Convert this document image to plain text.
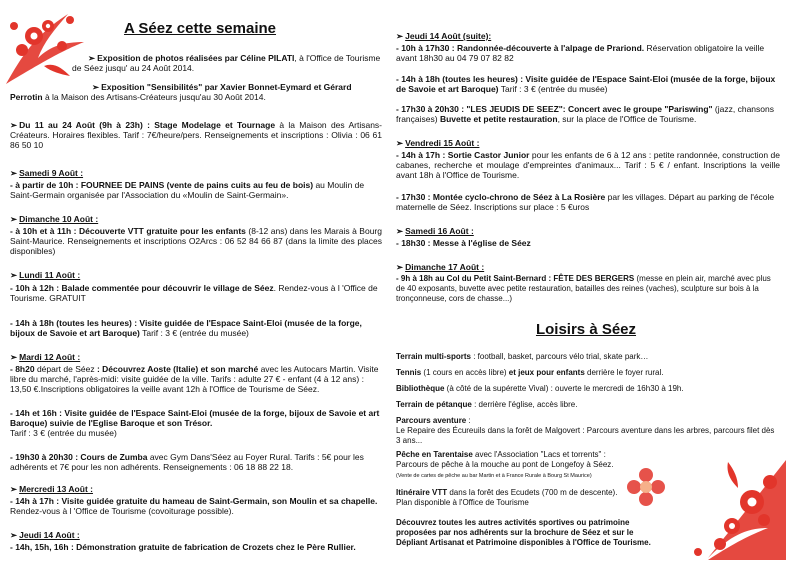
A Séez cette semaine
➢ Exposition de photos réalisées par Céline PILATI, à l'Office de Tourisme de Séez jusqu' au 24 Août 2014.
➢ Exposition "Sensibilités" par Xavier Bonnet-Eymard et Gérard Perrotin à la Maison des Artisans-Créateurs jusqu'au 30 Août 2014.
➢ Du 11 au 24 Août (9h à 23h) : Stage Modelage et Tournage à la Maison des Artisans-Créateurs. Horaires flexibles. Tarif : 7€/heure/pers. Renseignements et inscriptions : Olivia : 06 61 86 50 10
➢ Samedi 9 Août :
- à partir de 10h : FOURNEE DE PAINS (vente de pains cuits au feu de bois) au Moulin de Saint-Germain organisée par l'Association du «Moulin de Saint-Germain».
➢ Dimanche 10 Août :
- à 10h et à 11h : Découverte VTT gratuite pour les enfants (8-12 ans) dans les Marais à Bourg Saint-Maurice. Renseignements et inscriptions O2Arcs : 06 52 84 66 87 (dans la limite des places disponibles)
➢ Lundi 11 Août :
- 10h à 12h : Balade commentée pour découvrir le village de Séez. Rendez-vous à l 'Office de Tourisme. GRATUIT
- 14h à 18h (toutes les heures) : Visite guidée de l'Espace Saint-Eloi (musée de la forge, bijoux de Savoie et art Baroque) Tarif : 3 € (entrée du musée)
➢ Mardi 12 Août :
- 8h20 départ de Séez : Découvrez Aoste (Italie) et son marché avec les Autocars Martin. Visite libre du marché, l'après-midi: visite guidée de la ville. Tarifs : adulte 27 € - enfant (4 à 12 ans) : 13,50 €.Inscriptions obligatoires la veille avant 12h à l'Office de Tourisme de Séez.
- 14h et 16h : Visite guidée de l'Espace Saint-Eloi (musée de la forge, bijoux de Savoie et art Baroque) suivie de l'Eglise Baroque et son Trésor.
Tarif : 3 € (entrée du musée)
- 19h30 à 20h30 : Cours de Zumba avec Gym Dans'Séez au Foyer Rural. Tarifs : 5€ pour les adhérents et 7€ pour les non adhérents. Renseignements : 06 18 88 22 18.
➢ Mercredi 13 Août :
- 14h à 17h : Visite guidée gratuite du hameau de Saint-Germain, son Moulin et sa chapelle. Rendez-vous à l 'Office de Tourisme (covoiturage possible).
➢ Jeudi 14 Août :
- 14h, 15h, 16h : Démonstration gratuite de fabrication de Crozets chez le Père Rullier.
➢ Jeudi 14 Août (suite):
- 10h à 17h30 : Randonnée-découverte à l'alpage de Prariond. Réservation obligatoire la veille avant 18h30 au 04 79 07 82 82
- 14h à 18h (toutes les heures) : Visite guidée de l'Espace Saint-Eloi (musée de la forge, bijoux de Savoie et art Baroque) Tarif : 3 € (entrée du musée)
- 17h30 à 20h30 : "LES JEUDIS DE SEEZ": Concert avec le groupe "Pariswing" (jazz, chansons françaises) Buvette et petite restauration, sur la place de l'Office de Tourisme.
➢ Vendredi 15 Août :
- 14h à 17h : Sortie Castor Junior pour les enfants de 6 à 12 ans : petite randonnée, construction de cabanes, recherche et moulage d'empreintes d'animaux... Tarif : 5 € / enfant. Inscriptions la veille avant 18h à l'Office de Tourisme.
- 17h30 : Montée cyclo-chrono de Séez à La Rosière par les villages. Départ au parking de l'école maternelle de Séez. Inscriptions sur place : 5 €uros
➢ Samedi 16 Août :
- 18h30 : Messe à l'église de Séez
➢ Dimanche 17 Août :
- 9h à 18h au Col du Petit Saint-Bernard : FÊTE DES BERGERS (messe en plein air, marché avec plus de 40 exposants, buvette avec petite restauration, batailles des reines (vaches), sculpture sur bois à la tronçonneuse, cors de chasse...)
Loisirs à Séez
Terrain multi-sports : football, basket, parcours vélo trial, skate park…
Tennis (1 cours en accès libre) et jeux pour enfants derrière le foyer rural.
Bibliothèque (à côté de la supérette Vival) : ouverte le mercredi de 16h30 à 19h.
Terrain de pétanque : derrière l'église, accès libre.
Parcours aventure :
Le Repaire des Écureuils dans la forêt de Malgovert : Parcours aventure dans les arbres, parcours filet dès 3 ans...
Pêche en Tarentaise avec l'Association "Lacs et torrents" :
Parcours de pêche à la mouche au pont de Longefoy à Séez.
(Vente de cartes de pêche au bar Martin et à France Rurale à Bourg St Maurice)
Itinéraire VTT dans la forêt des Ecudets (700 m de descente).
Plan disponible à l'Office de Tourisme
Découvrez toutes les autres activités sportives ou patrimoine proposées par nos adhérents sur la brochure de Séez et sur le Dépliant Artisanat et Patrimoine disponibles à l'Office de Tourisme.
